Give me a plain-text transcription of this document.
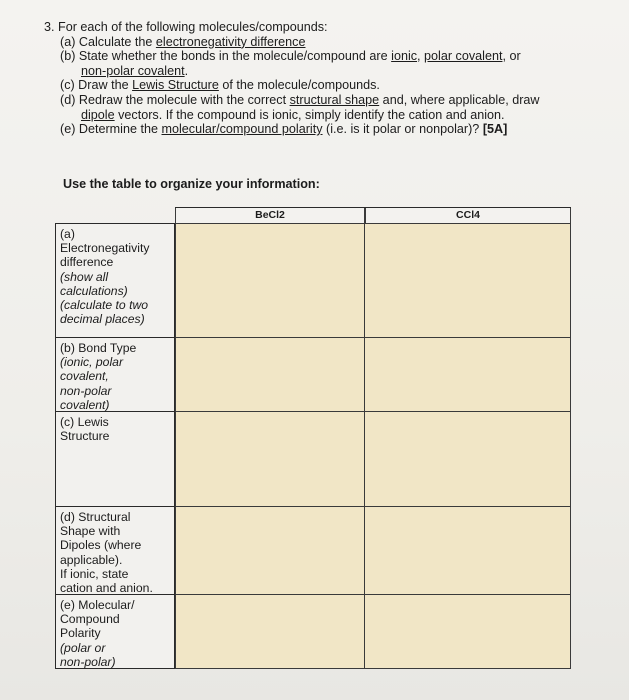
3. For each of the following molecules/compounds:
(a) Calculate the electronegativity difference
(b) State whether the bonds in the molecule/compound are ionic, polar covalent, or
non-polar covalent.
(c) Draw the Lewis Structure of the molecule/compounds.
(d) Redraw the molecule with the correct structural shape and, where applicable, draw
dipole vectors. If the compound is ionic, simply identify the cation and anion.
(e) Determine the molecular/compound polarity (i.e. is it polar or nonpolar)? [5A]
Use the table to organize your information:
BeCl2	CCl4
(a)
Electronegativity
difference
(show all
calculations)
(calculate to two
decimal places)
(b) Bond Type
(ionic, polar
covalent,
non-polar
covalent)
(c) Lewis
Structure
(d) Structural
Shape with
Dipoles (where
applicable).
If ionic, state
cation and anion.
(e) Molecular/
Compound
Polarity
(polar or
non-polar)
